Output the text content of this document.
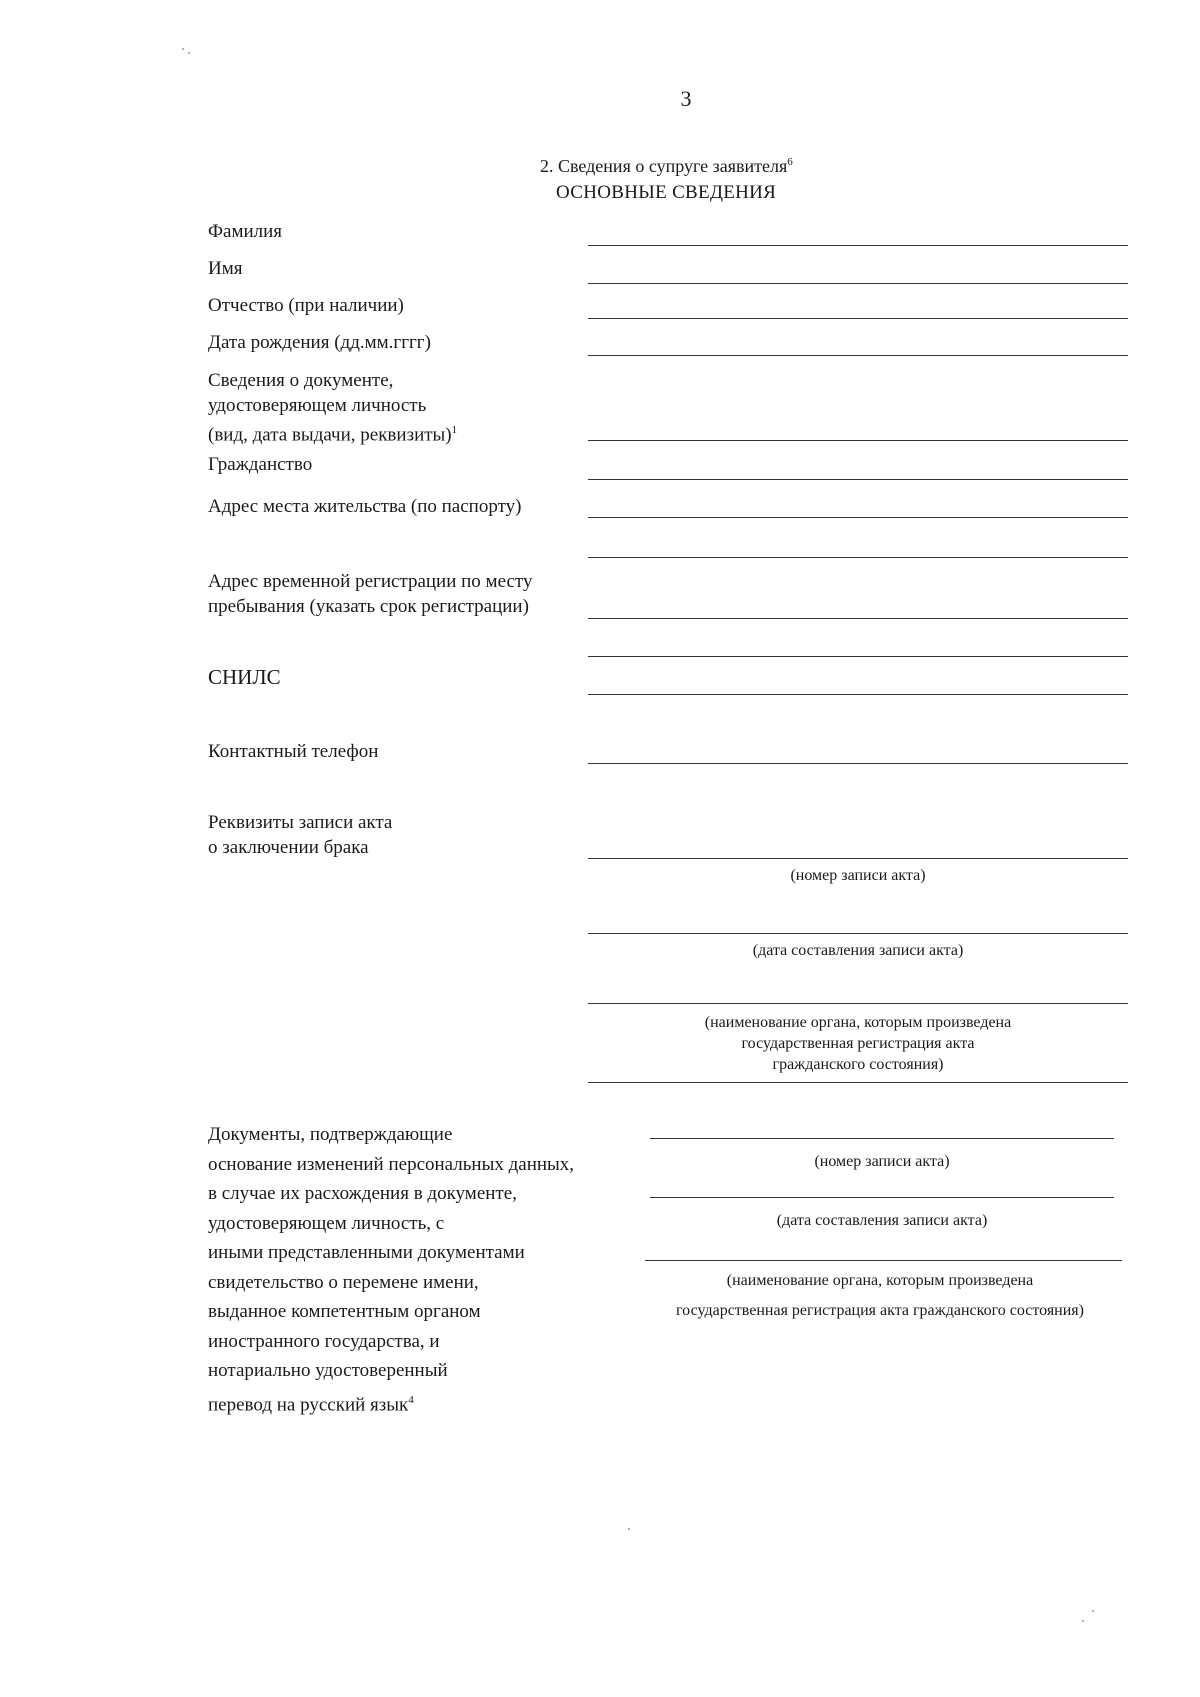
3
2. Сведения о супруге заявителя$^6$
ОСНОВНЫЕ СВЕДЕНИЯ
Фамилия
Имя
Отчество (при наличии)
Дата рождения (дд.мм.гггг)
Сведения о документе,
удостоверяющем личность
(вид, дата выдачи, реквизиты)$^1$
Гражданство
Адрес места жительства (по паспорту)
Адрес временной регистрации по месту
пребывания (указать срок регистрации)
СНИЛС
Контактный телефон
Реквизиты записи акта
о заключении брака
(номер записи акта)
(дата составления записи акта)
(наименование органа, которым произведена
государственная регистрация акта
гражданского состояния)
Документы, подтверждающие
основание изменений персональных данных,
в случае их расхождения в документе,
удостоверяющем личность, с
иными представленными документами
свидетельство о перемене имени,
выданное компетентным органом
иностранного государства, и
нотариально удостоверенный
перевод на русский язык$^4$
(номер записи акта)
(дата составления записи акта)
(наименование органа, которым произведена
государственная регистрация акта гражданского состояния)
